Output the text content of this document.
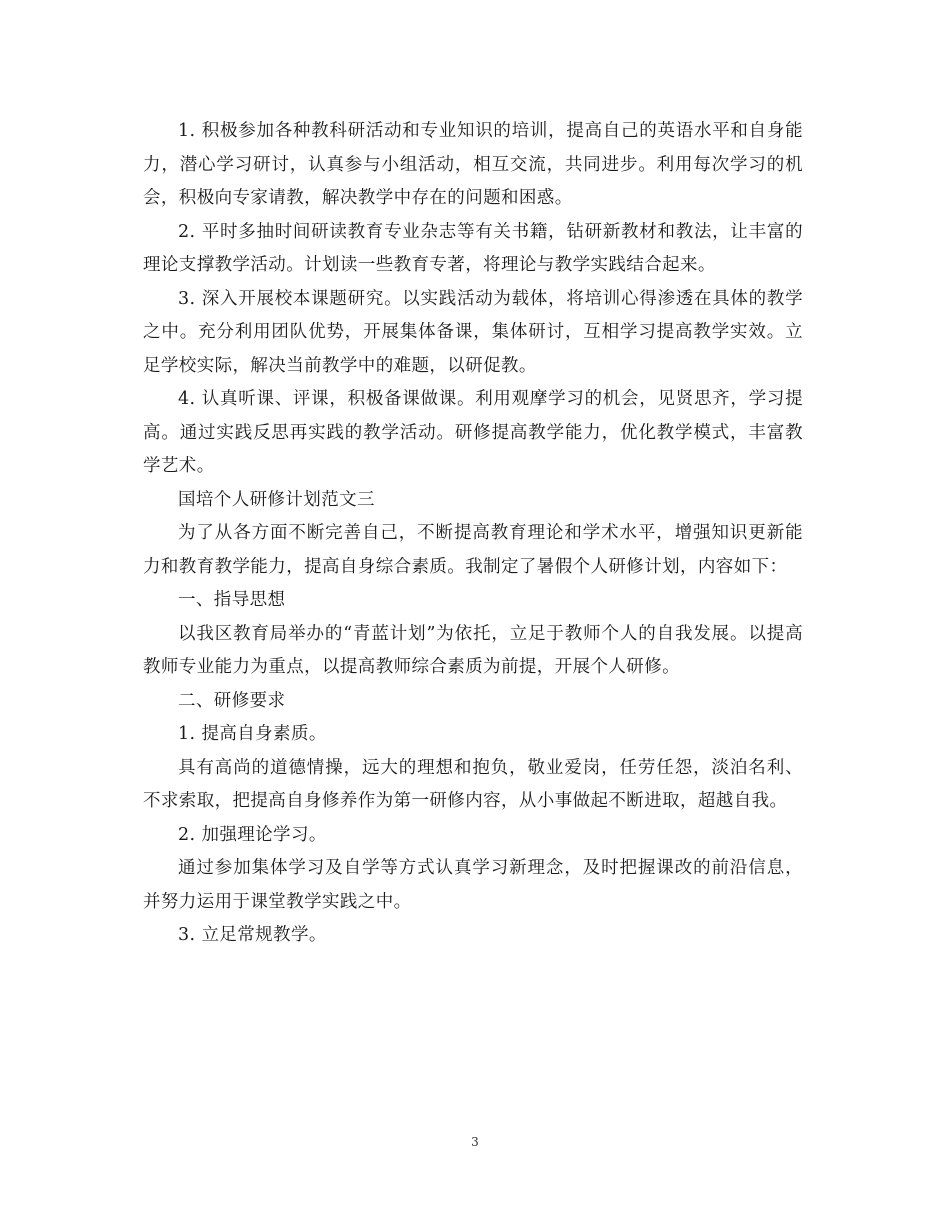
1. 积极参加各种教科研活动和专业知识的培训，提高自己的英语水平和自身能力，潜心学习研讨，认真参与小组活动，相互交流，共同进步。利用每次学习的机会，积极向专家请教，解决教学中存在的问题和困惑。

2. 平时多抽时间研读教育专业杂志等有关书籍，钻研新教材和教法，让丰富的理论支撑教学活动。计划读一些教育专著，将理论与教学实践结合起来。

3. 深入开展校本课题研究。以实践活动为载体，将培训心得渗透在具体的教学之中。充分利用团队优势，开展集体备课，集体研讨，互相学习提高教学实效。立足学校实际，解决当前教学中的难题，以研促教。

4. 认真听课、评课，积极备课做课。利用观摩学习的机会，见贤思齐，学习提高。通过实践反思再实践的教学活动。研修提高教学能力，优化教学模式，丰富教学艺术。

国培个人研修计划范文三

为了从各方面不断完善自己，不断提高教育理论和学术水平，增强知识更新能力和教育教学能力，提高自身综合素质。我制定了暑假个人研修计划，内容如下：

一、指导思想

以我区教育局举办的“青蓝计划”为依托，立足于教师个人的自我发展。以提高教师专业能力为重点，以提高教师综合素质为前提，开展个人研修。

二、研修要求

1. 提高自身素质。

具有高尚的道德情操，远大的理想和抱负，敬业爱岗，任劳任怨，淡泊名利、不求索取，把提高自身修养作为第一研修内容，从小事做起不断进取，超越自我。

2. 加强理论学习。

通过参加集体学习及自学等方式认真学习新理念，及时把握课改的前沿信息，并努力运用于课堂教学实践之中。

3. 立足常规教学。

3
